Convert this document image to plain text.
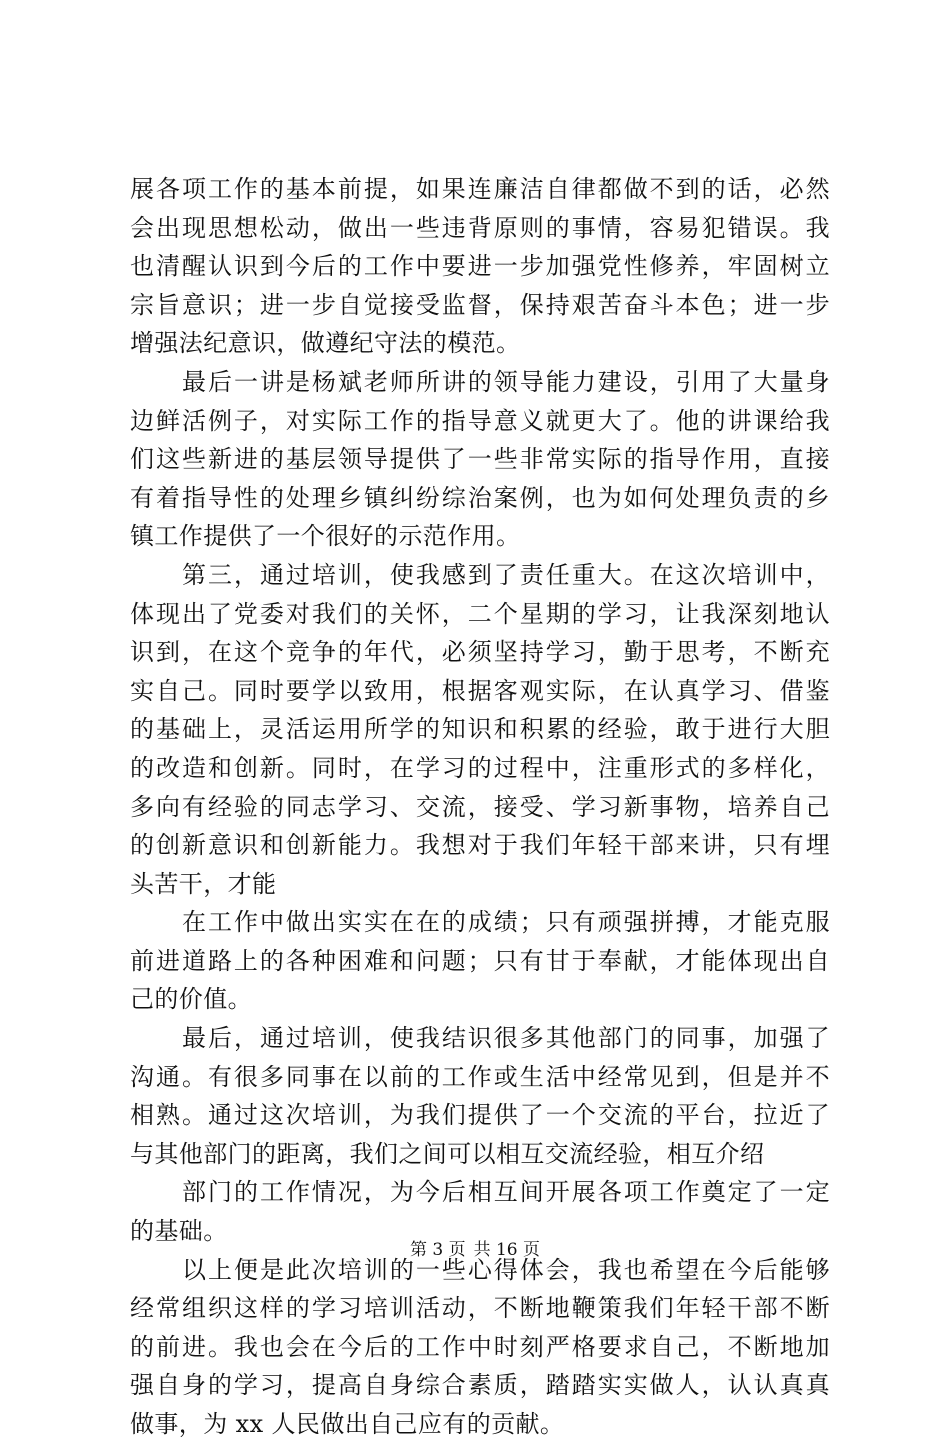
展各项工作的基本前提，如果连廉洁自律都做不到的话，必然
会出现思想松动，做出一些违背原则的事情，容易犯错误。我
也清醒认识到今后的工作中要进一步加强党性修养，牢固树立
宗旨意识；进一步自觉接受监督，保持艰苦奋斗本色；进一步
增强法纪意识，做遵纪守法的模范。
最后一讲是杨斌老师所讲的领导能力建设，引用了大量身
边鲜活例子，对实际工作的指导意义就更大了。他的讲课给我
们这些新进的基层领导提供了一些非常实际的指导作用，直接
有着指导性的处理乡镇纠纷综治案例，也为如何处理负责的乡
镇工作提供了一个很好的示范作用。
第三，通过培训，使我感到了责任重大。在这次培训中，
体现出了党委对我们的关怀，二个星期的学习，让我深刻地认
识到，在这个竞争的年代，必须坚持学习，勤于思考，不断充
实自己。同时要学以致用，根据客观实际，在认真学习、借鉴
的基础上，灵活运用所学的知识和积累的经验，敢于进行大胆
的改造和创新。同时，在学习的过程中，注重形式的多样化，
多向有经验的同志学习、交流，接受、学习新事物，培养自己
的创新意识和创新能力。我想对于我们年轻干部来讲，只有埋
头苦干，才能
在工作中做出实实在在的成绩；只有顽强拼搏，才能克服
前进道路上的各种困难和问题；只有甘于奉献，才能体现出自
己的价值。
最后，通过培训，使我结识很多其他部门的同事，加强了
沟通。有很多同事在以前的工作或生活中经常见到，但是并不
相熟。通过这次培训，为我们提供了一个交流的平台，拉近了
与其他部门的距离，我们之间可以相互交流经验，相互介绍
部门的工作情况，为今后相互间开展各项工作奠定了一定
的基础。
以上便是此次培训的一些心得体会，我也希望在今后能够
经常组织这样的学习培训活动，不断地鞭策我们年轻干部不断
的前进。我也会在今后的工作中时刻严格要求自己，不断地加
强自身的学习，提高自身综合素质，踏踏实实做人，认认真真
做事，为 xx 人民做出自己应有的贡献。
第 3 页 共 16 页
